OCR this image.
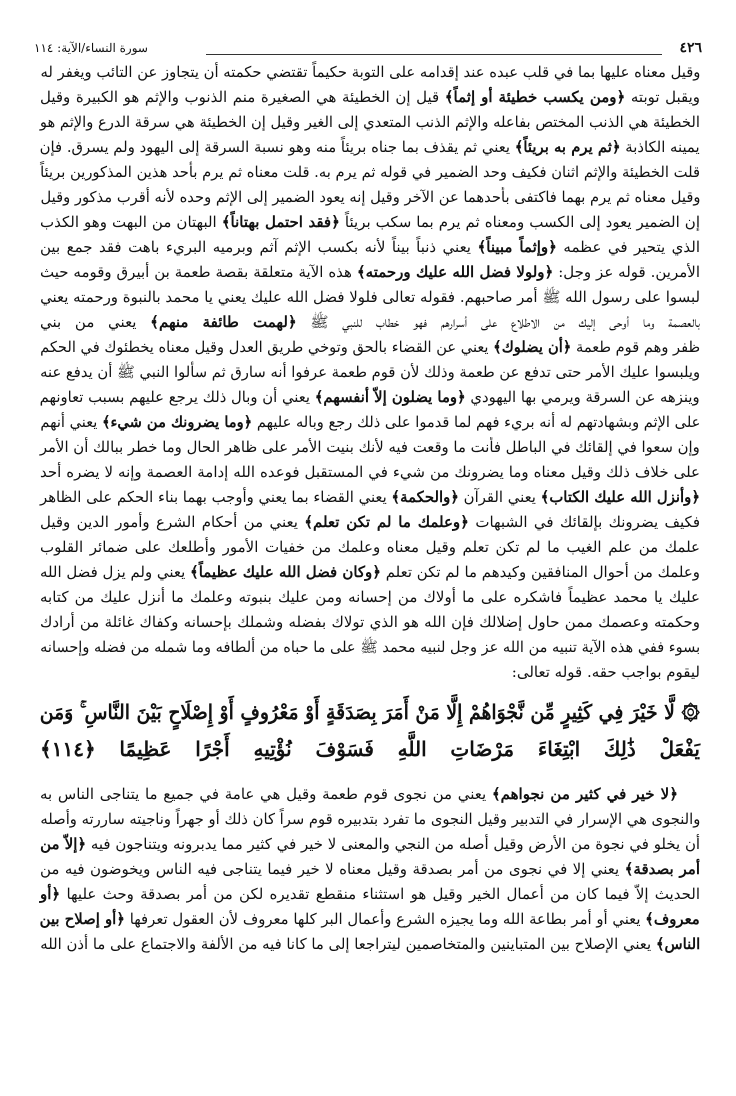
٤٢٦
سورة النساء/الآية: ١١٤
وقيل معناه عليها بما في قلب عبده عند إقدامه على التوبة حكيماً تقتضي حكمته أن يتجاوز عن التائب ويغفر له
ويقبل توبته ﴿ومن يكسب خطيئة أو إثماً﴾ قيل إن الخطيئة هي الصغيرة منم الذنوب والإثم هو الكبيرة وقيل
الخطيئة هي الذنب المختص بفاعله والإثم الذنب المتعدي إلى الغير وقيل إن الخطيئة هي سرقة الدرع والإثم هو
يمينه الكاذبة ﴿ثم يرم به بريئاً﴾ يعني ثم يقذف بما جناه بريئاً منه وهو نسبة السرقة إلى اليهود ولم يسرق. فإن
قلت الخطيئة والإثم اثنان فكيف وحد الضمير في قوله ثم يرم به. قلت معناه ثم يرم بأحد هذين المذكورين بريئاً
وقيل معناه ثم يرم بهما فاكتفى بأحدهما عن الآخر وقيل إنه يعود الضمير إلى الإثم وحده لأنه أقرب مذكور وقيل
إن الضمير يعود إلى الكسب ومعناه ثم يرم بما سكب بريئاً ﴿فقد احتمل بهتاناً﴾ البهتان من البهت وهو الكذب
الذي يتحير في عظمه ﴿وإثماً مبيناً﴾ يعني ذنباً بيناً لأنه بكسب الإثم آثم وبرميه البريء باهت فقد جمع بين
الأمرين. قوله عز وجل: ﴿ولولا فضل الله عليك ورحمته﴾ هذه الآية متعلقة بقصة طعمة بن أبيرق وقومه حيث
لبسوا على رسول الله ﷺ أمر صاحبهم. فقوله تعالى فلولا فضل الله عليك يعني يا محمد بالنبوة ورحمته يعني
بالعصمة وما أوحى إليك من الاطلاع على أسرارهم فهو خطاب للنبي ﷺ ﴿لهمت طائفة منهم﴾ يعني من بني
ظفر وهم قوم طعمة ﴿أن يضلوك﴾ يعني عن القضاء بالحق وتوخي طريق العدل وقيل معناه يخطئوك في الحكم
ويلبسوا عليك الأمر حتى تدفع عن طعمة وذلك لأن قوم طعمة عرفوا أنه سارق ثم سألوا النبي ﷺ أن يدفع عنه
وينزهه عن السرقة ويرمي بها اليهودي ﴿وما يضلون إلاّ أنفسهم﴾ يعني أن وبال ذلك يرجع عليهم بسبب تعاونهم
على الإثم وبشهادتهم له أنه بريء فهم لما قدموا على ذلك رجع وباله عليهم ﴿وما يضرونك من شيء﴾ يعني أنهم
وإن سعوا في إلقائك في الباطل فأنت ما وقعت فيه لأنك بنيت الأمر على ظاهر الحال وما خطر ببالك أن الأمر
على خلاف ذلك وقيل معناه وما يضرونك من شيء في المستقبل فوعده الله إدامة العصمة وإنه لا يضره أحد
﴿وأنزل الله عليك الكتاب﴾ يعني القرآن ﴿والحكمة﴾ يعني القضاء بما يعني وأوجب بهما بناء الحكم على الظاهر
فكيف يضرونك بإلقائك في الشبهات ﴿وعلمك ما لم تكن تعلم﴾ يعني من أحكام الشرع وأمور الدين وقيل
علمك من علم الغيب ما لم تكن تعلم وقيل معناه وعلمك من خفيات الأمور وأطلعك على ضمائر القلوب
وعلمك من أحوال المنافقين وكيدهم ما لم تكن تعلم ﴿وكان فضل الله عليك عظيماً﴾ يعني ولم يزل فضل الله
عليك يا محمد عظيماً فاشكره على ما أولاك من إحسانه ومن عليك بنبوته وعلمك ما أنزل عليك من كتابه
وحكمته وعصمك ممن حاول إضلالك فإن الله هو الذي تولاك بفضله وشملك بإحسانه وكفاك غائلة من أرادك
بسوء ففي هذه الآية تنبيه من الله عز وجل لنبيه محمد ﷺ على ما حباه من ألطافه وما شمله من فضله وإحسانه
ليقوم بواجب حقه. قوله تعالى:
۞ لَّا خَيْرَ فِي كَثِيرٍ مِّن نَّجْوَاهُمْ إِلَّا مَنْ أَمَرَ بِصَدَقَةٍ أَوْ مَعْرُوفٍ أَوْ إِصْلَاحٍ بَيْنَ النَّاسِ ۚ وَمَن
يَفْعَلْ ذَٰلِكَ ابْتِغَاءَ مَرْضَاتِ اللَّهِ فَسَوْفَ نُؤْتِيهِ أَجْرًا عَظِيمًا ﴿١١٤﴾
﴿لا خير في كثير من نجواهم﴾ يعني من نجوى قوم طعمة وقيل هي عامة في جميع ما يتناجى الناس به
والنجوى هي الإسرار في التدبير وقيل النجوى ما تفرد بتدبيره قوم سراً كان ذلك أو جهراً وناجيته ساررته وأصله
أن يخلو في نجوة من الأرض وقيل أصله من النجي والمعنى لا خير في كثير مما يدبرونه ويتناجون فيه ﴿إلاّ من
أمر بصدقة﴾ يعني إلا في نجوى من أمر بصدقة وقيل معناه لا خير فيما يتناجى فيه الناس ويخوضون فيه من
الحديث إلاّ فيما كان من أعمال الخير وقيل هو استثناء منقطع تقديره لكن من أمر بصدقة وحث عليها ﴿أو
معروف﴾ يعني أو أمر بطاعة الله وما يجيزه الشرع وأعمال البر كلها معروف لأن العقول تعرفها ﴿أو إصلاح بين
الناس﴾ يعني الإصلاح بين المتباينين والمتخاصمين ليتراجعا إلى ما كانا فيه من الألفة والاجتماع على ما أذن الله
